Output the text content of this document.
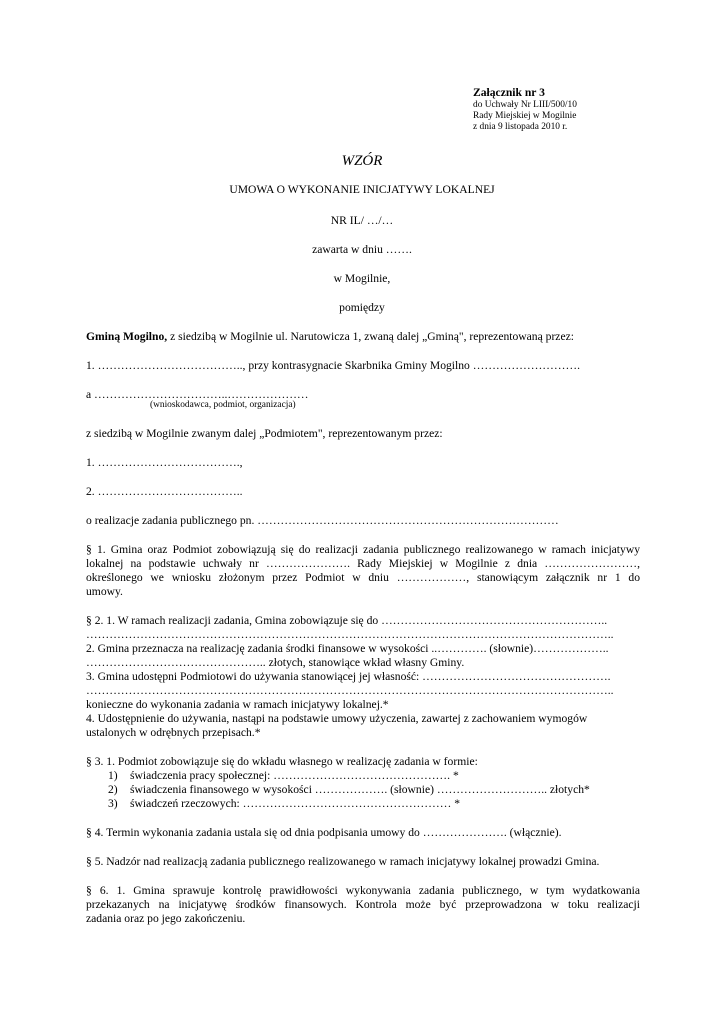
Załącznik nr 3
do Uchwały Nr LIII/500/10
Rady Miejskiej w Mogilnie
z dnia 9 listopada 2010 r.
WZÓR
UMOWA O WYKONANIE INICJATYWY LOKALNEJ
NR IL/ …/…
zawarta w dniu …….
w Mogilnie,
pomiędzy
Gminą Mogilno, z siedzibą w Mogilnie ul. Narutowicza 1, zwaną dalej „Gminą", reprezentowaną przez:
1. ……………………………….., przy kontrasygnacie Skarbnika Gminy Mogilno ……………………….
a ……………………………..…………………
(wnioskodawca, podmiot, organizacja)
z siedzibą w Mogilnie zwanym dalej „Podmiotem", reprezentowanym przez:
1. ……………………………….,
2. ………………………………..
o realizacje zadania publicznego pn. ……………………………………………………………………
§ 1. Gmina oraz Podmiot zobowiązują się do realizacji zadania publicznego realizowanego w ramach inicjatywy
lokalnej na podstawie uchwały nr …………………. Rady Miejskiej w Mogilnie z dnia ……………………,
określonego we wniosku złożonym przez Podmiot w dniu ………………, stanowiącym załącznik nr 1 do
umowy.
§ 2. 1. W ramach realizacji zadania, Gmina zobowiązuje się do …………………………………………………..
………………………………………………………………………………………………………………………..
2. Gmina przeznacza na realizację zadania środki finansowe w wysokości ..…………. (słownie)………………..
……………………………………….. złotych, stanowiące wkład własny Gminy.
3. Gmina udostępni Podmiotowi do używania stanowiącej jej własność: ………………………………………….
………………………………………………………………………………………………………………………..
konieczne do wykonania zadania w ramach inicjatywy lokalnej.*
4. Udostępnienie do używania, nastąpi na podstawie umowy użyczenia, zawartej z zachowaniem wymogów
ustalonych w odrębnych przepisach.*
§ 3. 1. Podmiot zobowiązuje się do wkładu własnego w realizację zadania w formie:
1) świadczenia pracy społecznej: ………………………………………. *
2) świadczenia finansowego w wysokości ………………. (słownie) ……………………….. złotych*
3) świadczeń rzeczowych: ……………………………………………… *
§ 4. Termin wykonania zadania ustala się od dnia podpisania umowy do …………………. (włącznie).
§ 5. Nadzór nad realizacją zadania publicznego realizowanego w ramach inicjatywy lokalnej prowadzi Gmina.
§ 6. 1. Gmina sprawuje kontrolę prawidłowości wykonywania zadania publicznego, w tym wydatkowania
przekazanych na inicjatywę środków finansowych. Kontrola może być przeprowadzona w toku realizacji
zadania oraz po jego zakończeniu.
